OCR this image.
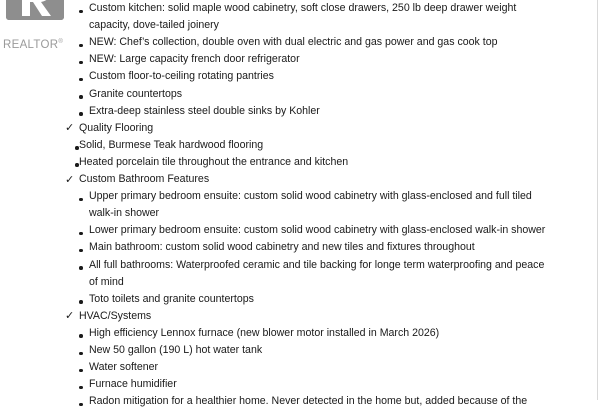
REALTOR®
Custom kitchen: solid maple wood cabinetry, soft close drawers, 250 lb deep drawer weight
capacity, dove-tailed joinery
NEW: Chef’s collection, double oven with dual electric and gas power and gas cook top
NEW: Large capacity french door refrigerator
Custom floor-to-ceiling rotating pantries
Granite countertops
Extra-deep stainless steel double sinks by Kohler
✓ Quality Flooring
Solid, Burmese Teak hardwood flooring
Heated porcelain tile throughout the entrance and kitchen
✓ Custom Bathroom Features
Upper primary bedroom ensuite: custom solid wood cabinetry with glass-enclosed and full tiled
walk-in shower
Lower primary bedroom ensuite: custom solid wood cabinetry with glass-enclosed walk-in shower
Main bathroom: custom solid wood cabinetry and new tiles and fixtures throughout
All full bathrooms: Waterproofed ceramic and tile backing for longe term waterproofing and peace
of mind
Toto toilets and granite countertops
✓ HVAC/Systems
High efficiency Lennox furnace (new blower motor installed in March 2026)
New 50 gallon (190 L) hot water tank
Water softener
Furnace humidifier
Radon mitigation for a healthier home. Never detected in the home but, added because of the
